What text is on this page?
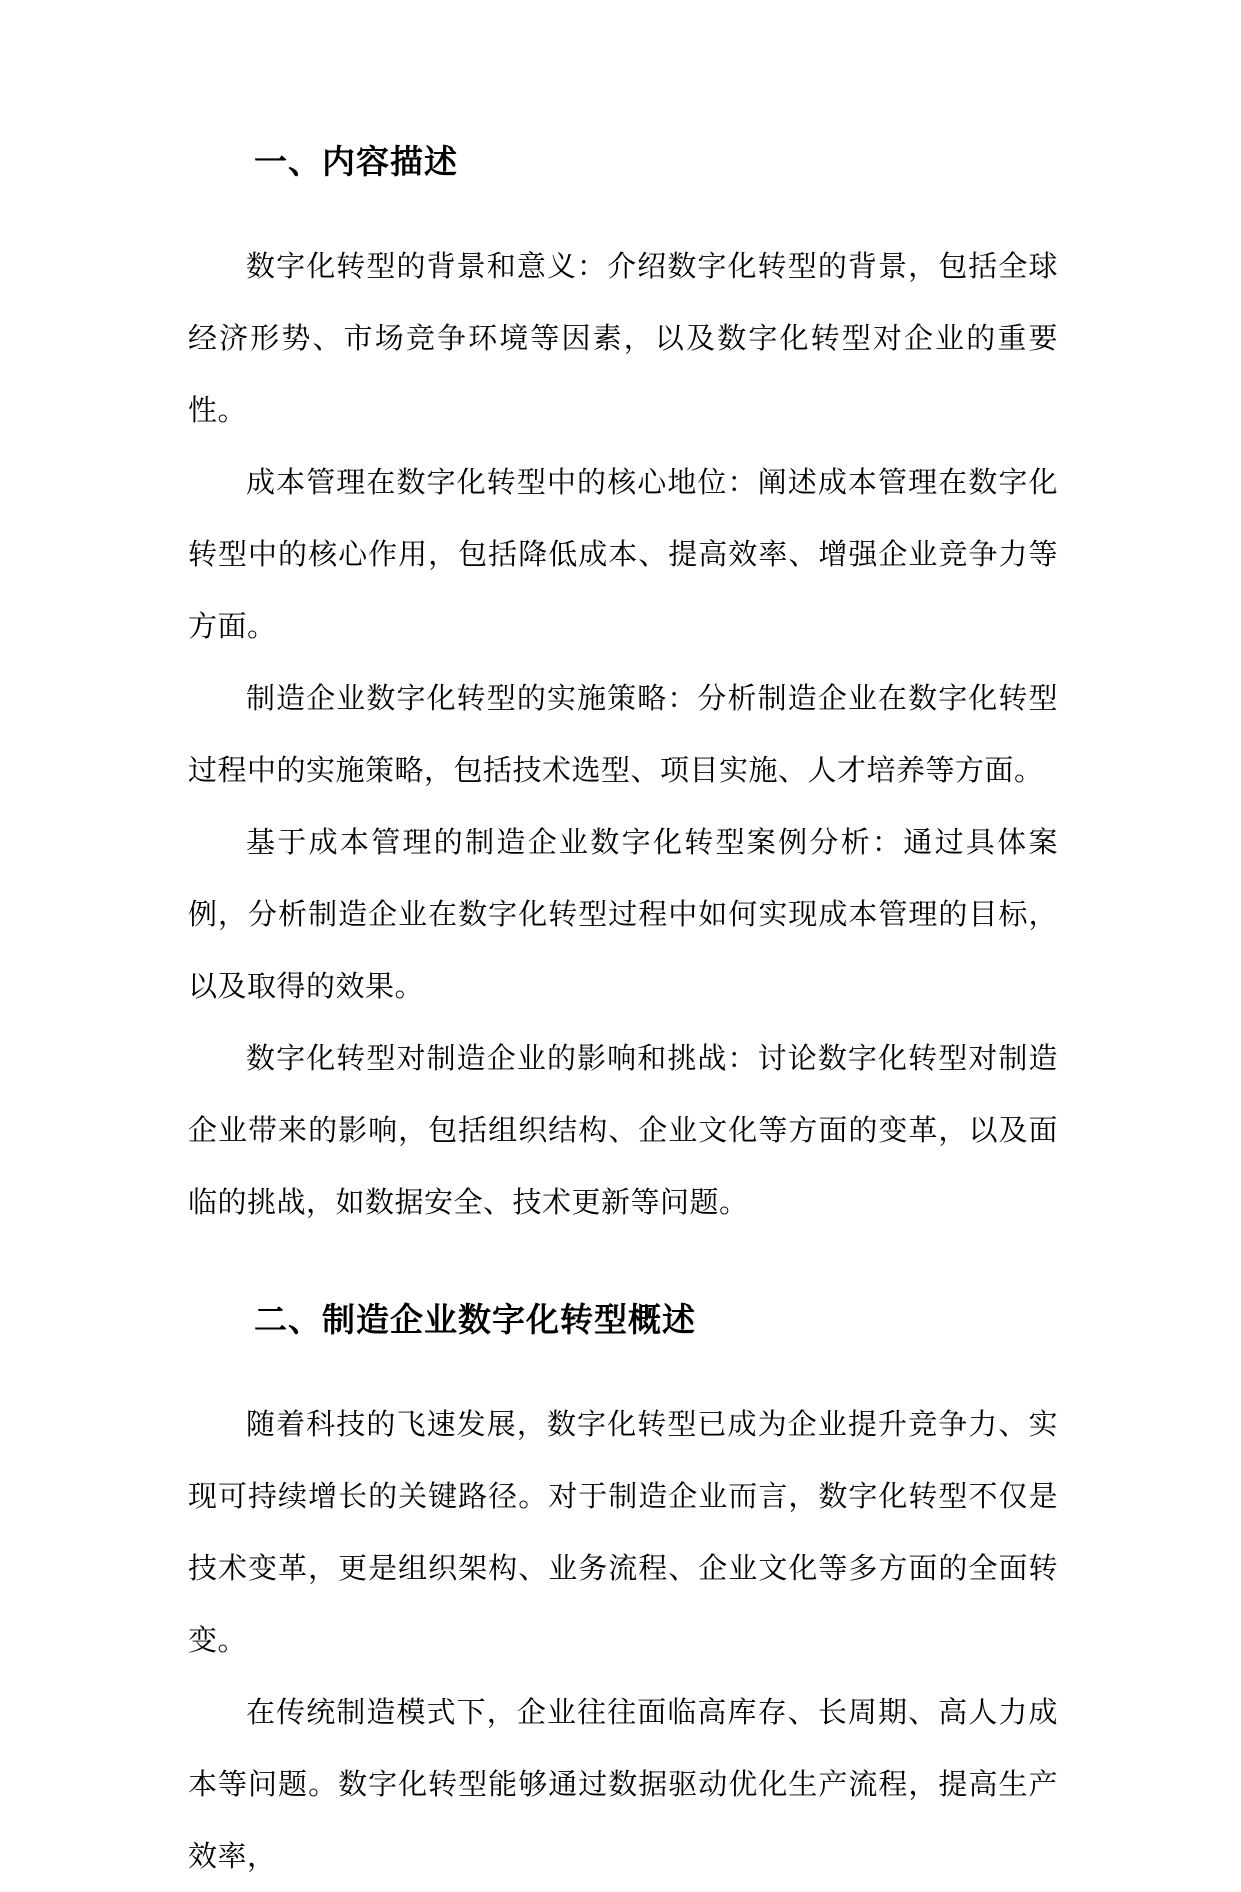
一、内容描述

数字化转型的背景和意义：介绍数字化转型的背景，包括全球经济形势、市场竞争环境等因素，以及数字化转型对企业的重要性。

成本管理在数字化转型中的核心地位：阐述成本管理在数字化转型中的核心作用，包括降低成本、提高效率、增强企业竞争力等方面。

制造企业数字化转型的实施策略：分析制造企业在数字化转型过程中的实施策略，包括技术选型、项目实施、人才培养等方面。

基于成本管理的制造企业数字化转型案例分析：通过具体案例，分析制造企业在数字化转型过程中如何实现成本管理的目标，以及取得的效果。

数字化转型对制造企业的影响和挑战：讨论数字化转型对制造企业带来的影响，包括组织结构、企业文化等方面的变革，以及面临的挑战，如数据安全、技术更新等问题。

二、制造企业数字化转型概述

随着科技的飞速发展，数字化转型已成为企业提升竞争力、实现可持续增长的关键路径。对于制造企业而言，数字化转型不仅是技术变革，更是组织架构、业务流程、企业文化等多方面的全面转变。

在传统制造模式下，企业往往面临高库存、长周期、高人力成本等问题。数字化转型能够通过数据驱动优化生产流程，提高生产效率，
